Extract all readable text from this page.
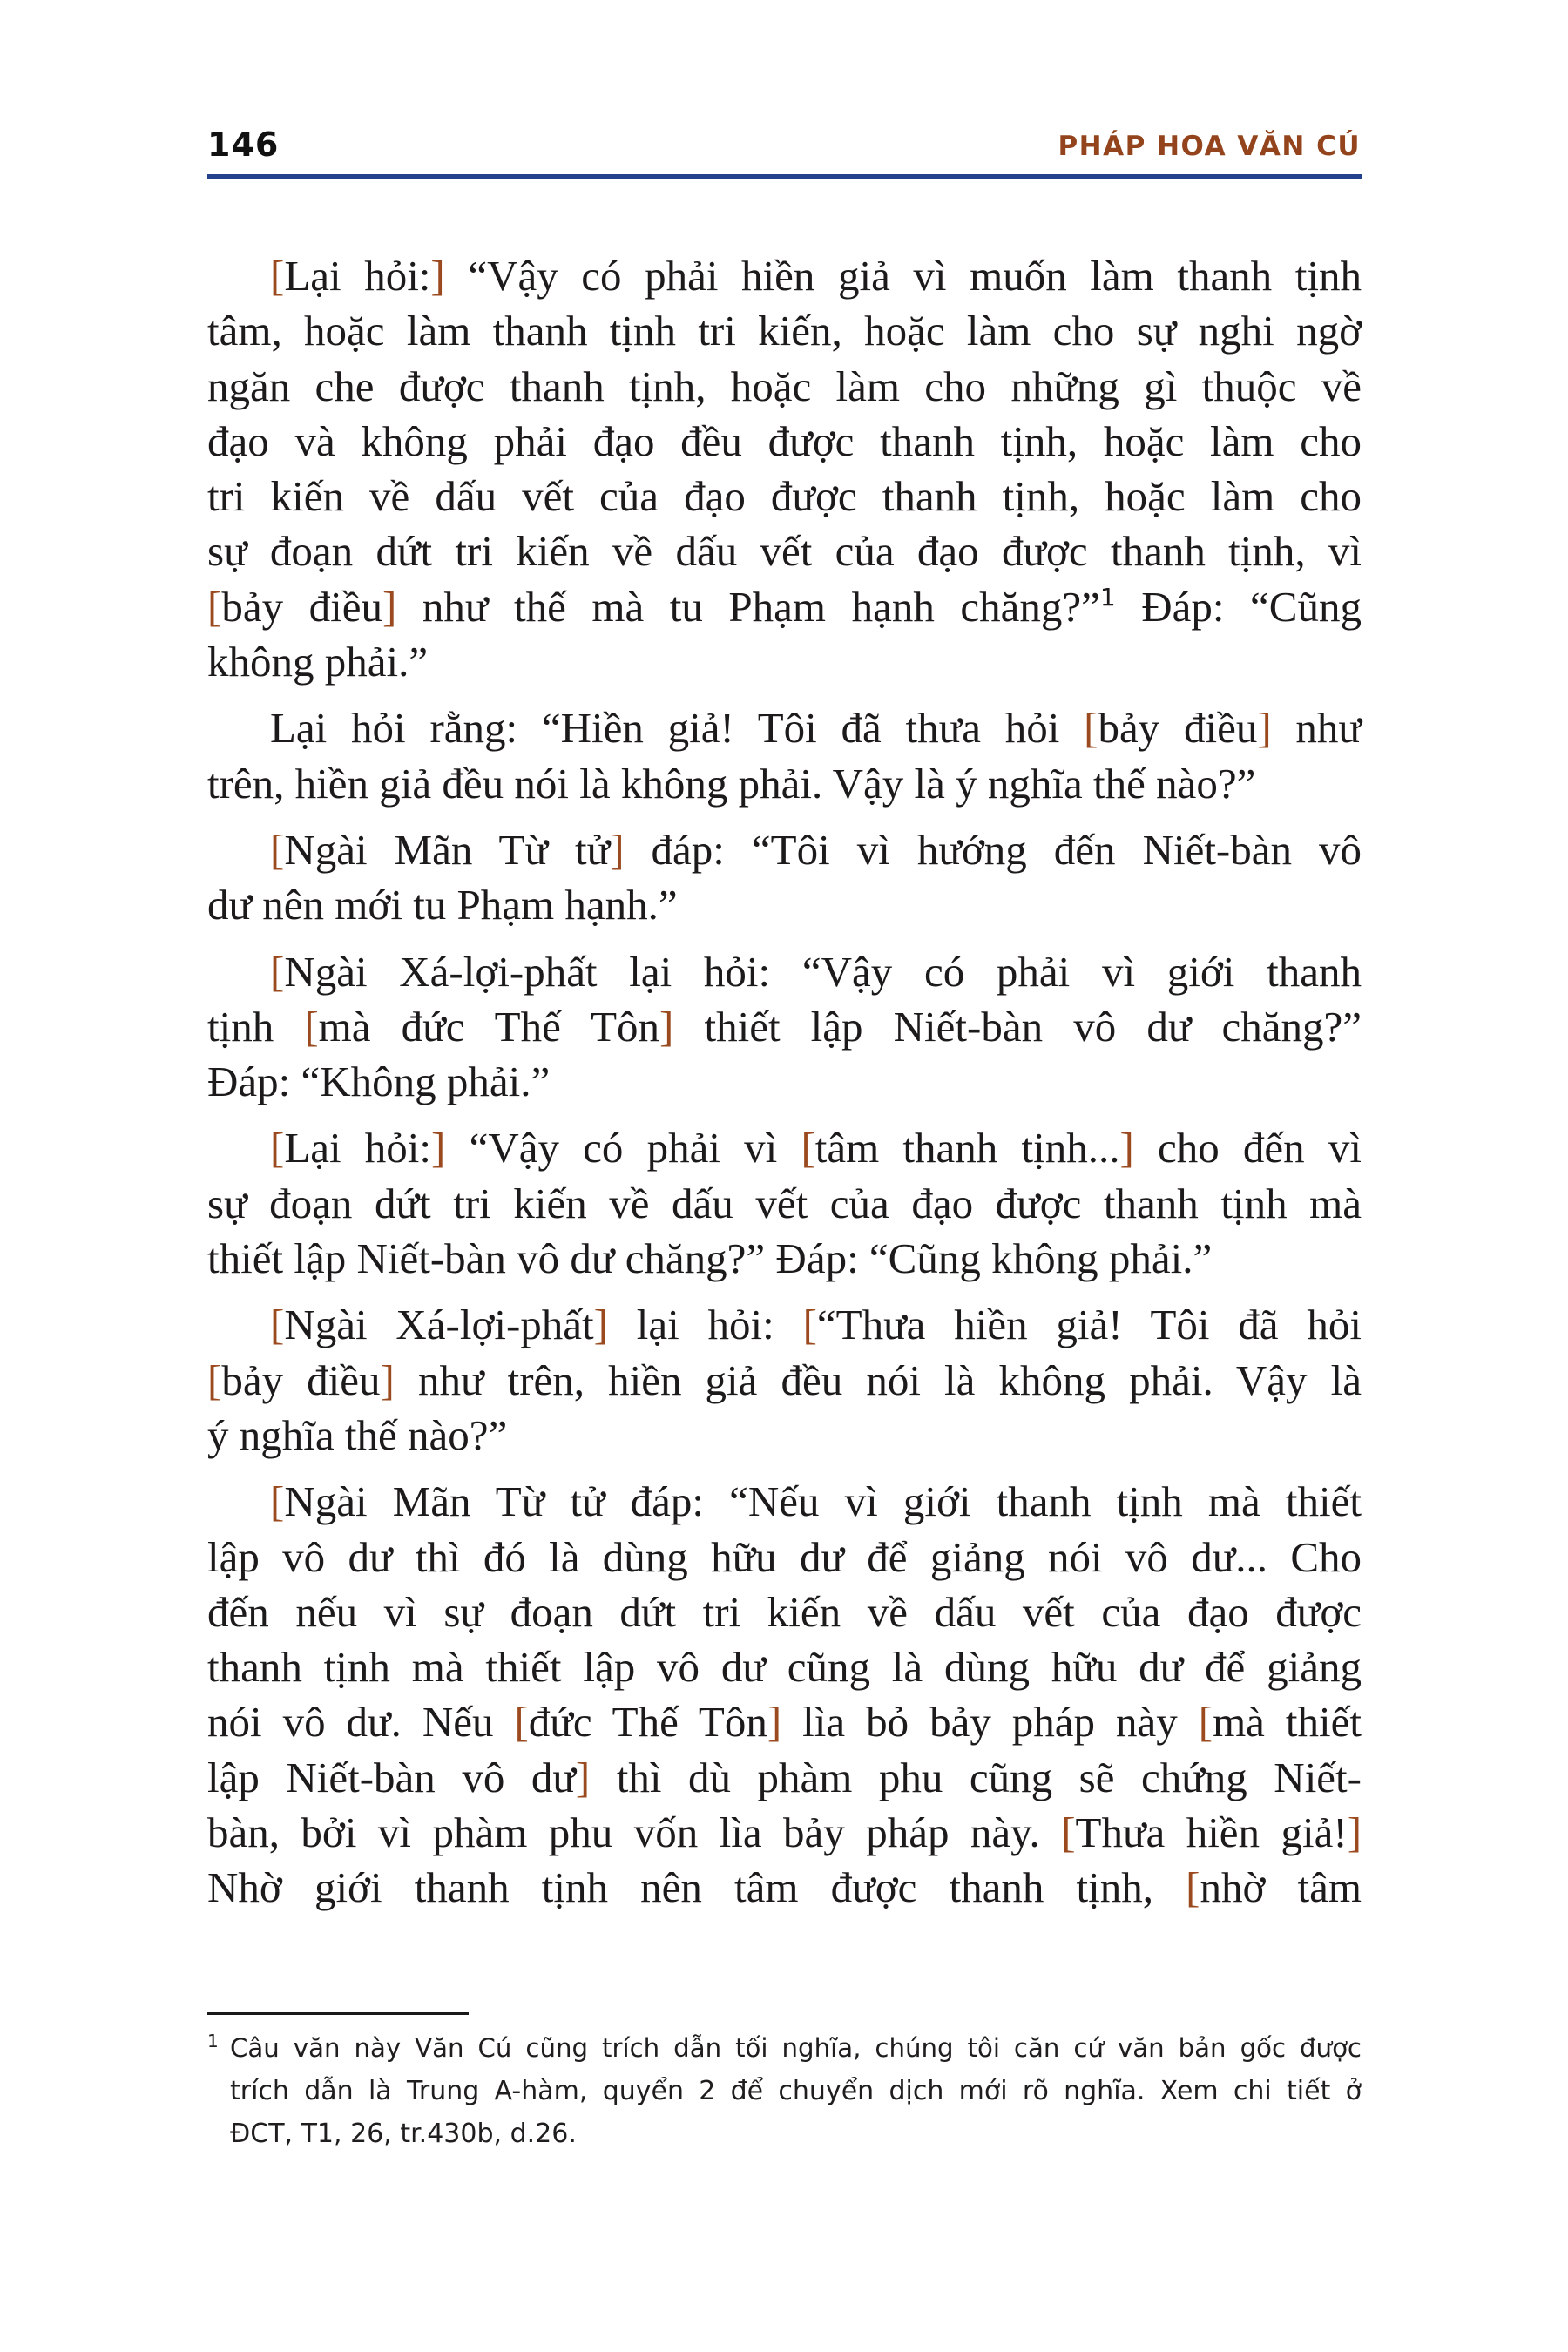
146	PHÁP HOA VĂN CÚ
[Lại hỏi:] “Vậy có phải hiền giả vì muốn làm thanh tịnh
tâm, hoặc làm thanh tịnh tri kiến, hoặc làm cho sự nghi ngờ
ngăn che được thanh tịnh, hoặc làm cho những gì thuộc về
đạo và không phải đạo đều được thanh tịnh, hoặc làm cho
tri kiến về dấu vết của đạo được thanh tịnh, hoặc làm cho
sự đoạn dứt tri kiến về dấu vết của đạo được thanh tịnh, vì
[bảy điều] như thế mà tu Phạm hạnh chăng?”$^1$ Đáp: “Cũng
không phải.”
Lại hỏi rằng: “Hiền giả! Tôi đã thưa hỏi [bảy điều] như
trên, hiền giả đều nói là không phải. Vậy là ý nghĩa thế nào?”
[Ngài Mãn Từ tử] đáp: “Tôi vì hướng đến Niết-bàn vô
dư nên mới tu Phạm hạnh.”
[Ngài Xá-lợi-phất lại hỏi: “Vậy có phải vì giới thanh
tịnh [mà đức Thế Tôn] thiết lập Niết-bàn vô dư chăng?”
Đáp: “Không phải.”
[Lại hỏi:] “Vậy có phải vì [tâm thanh tịnh...] cho đến vì
sự đoạn dứt tri kiến về dấu vết của đạo được thanh tịnh mà
thiết lập Niết-bàn vô dư chăng?” Đáp: “Cũng không phải.”
[Ngài Xá-lợi-phất] lại hỏi: [“Thưa hiền giả! Tôi đã hỏi
[bảy điều] như trên, hiền giả đều nói là không phải. Vậy là
ý nghĩa thế nào?”
[Ngài Mãn Từ tử đáp: “Nếu vì giới thanh tịnh mà thiết
lập vô dư thì đó là dùng hữu dư để giảng nói vô dư... Cho
đến nếu vì sự đoạn dứt tri kiến về dấu vết của đạo được
thanh tịnh mà thiết lập vô dư cũng là dùng hữu dư để giảng
nói vô dư. Nếu [đức Thế Tôn] lìa bỏ bảy pháp này [mà thiết
lập Niết-bàn vô dư] thì dù phàm phu cũng sẽ chứng Niết-
bàn, bởi vì phàm phu vốn lìa bảy pháp này. [Thưa hiền giả!]
Nhờ giới thanh tịnh nên tâm được thanh tịnh, [nhờ tâm
1 Câu văn này Văn Cú cũng trích dẫn tối nghĩa, chúng tôi căn cứ văn bản gốc được
trích dẫn là Trung A-hàm, quyển 2 để chuyển dịch mới rõ nghĩa. Xem chi tiết ở
ĐCT, T1, 26, tr.430b, d.26.
